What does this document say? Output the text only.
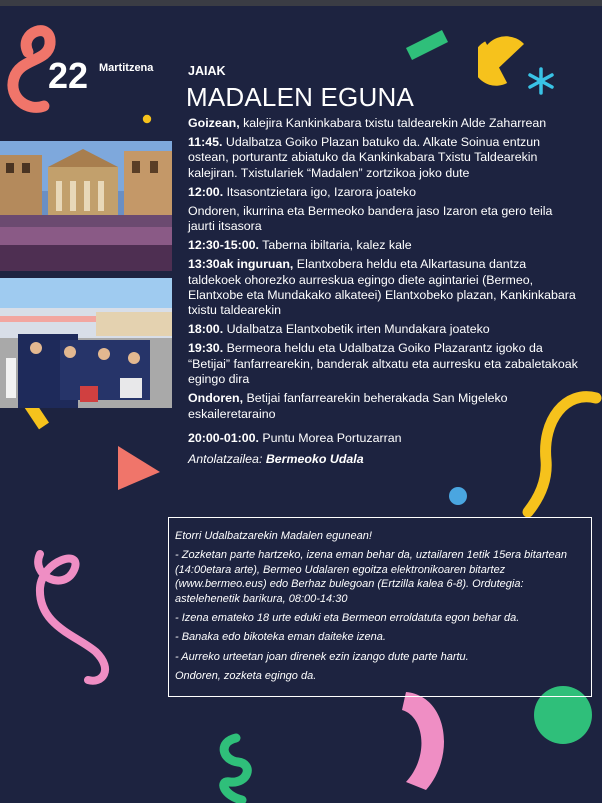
22 Martitzena	JAIAK
MADALEN EGUNA

Goizean, kalejira Kankinkabara txistu taldearekin Alde Zaharrean

11:45. Udalbatza Goiko Plazan batuko da. Alkate Soinua entzun ostean, porturantz abiatuko da Kankinkabara Txistu Taldearekin kalejiran. Txistulariek “Madalen” zortzikoa joko dute

12:00. Itsasontzietara igo, Izarora joateko

Ondoren, ikurrina eta Bermeoko bandera jaso Izaron eta gero teila jaurti itsasora

12:30-15:00. Taberna ibiltaria, kalez kale

13:30ak inguruan, Elantxobera heldu eta Alkartasuna dantza taldekoek ohorezko aurreskua egingo diete agintariei (Bermeo, Elantxobe eta Mundakako alkateei) Elantxobeko plazan, Kankinkabara txistu taldearekin

18:00. Udalbatza Elantxobetik irten Mundakara joateko

19:30. Bermeora heldu eta Udalbatza Goiko Plazarantz igoko da “Betijai” fanfarrearekin, banderak altxatu eta aurresku eta zabaletakoak egingo dira

Ondoren, Betijai fanfarrearekin beherakada San Migeleko eskaileretaraino

20:00-01:00. Puntu Morea Portuzarran

Antolatzailea: Bermeoko Udala

Etorri Udalbatzarekin Madalen egunean!

- Zozketan parte hartzeko, izena eman behar da, uztailaren 1etik 15era bitartean (14:00etara arte), Bermeo Udalaren egoitza elektronikoaren bitartez (www.bermeo.eus) edo Berhaz bulegoan (Ertzilla kalea 6-8). Ordutegia: astelehenetik barikura, 08:00-14:30

- Izena emateko 18 urte eduki eta Bermeon erroldatuta egon behar da.

- Banaka edo bikoteka eman daiteke izena.

- Aurreko urteetan joan direnek ezin izango dute parte hartu.

Ondoren, zozketa egingo da.
